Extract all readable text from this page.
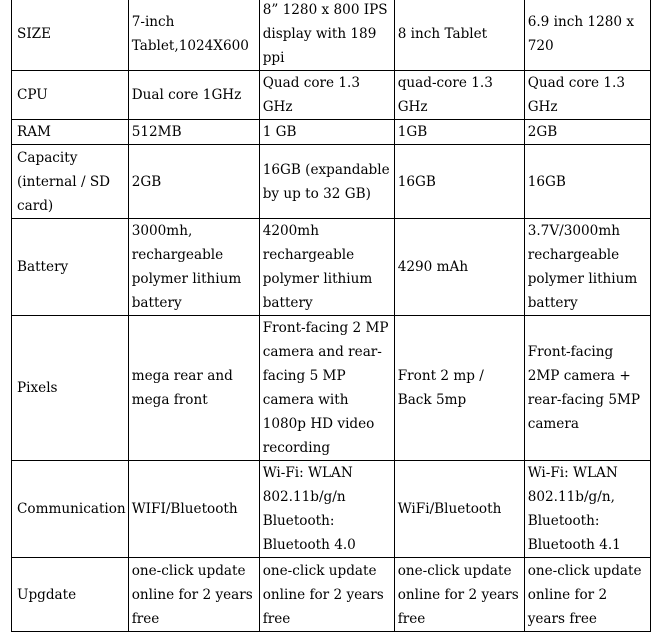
SIZE	7-inch Tablet,1024X600	8” 1280 x 800 IPS display with 189 ppi	8 inch Tablet	6.9 inch 1280 x 720
CPU	Dual core 1GHz	Quad core 1.3 GHz	quad-core 1.3 GHz	Quad core 1.3 GHz
RAM	512MB	1 GB	1GB	2GB
Capacity (internal / SD card)	2GB	16GB (expandable by up to 32 GB)	16GB	16GB
Battery	3000mh, rechargeable polymer lithium battery	4200mh rechargeable polymer lithium battery	4290 mAh	3.7V/3000mh rechargeable polymer lithium battery
Pixels	mega rear and mega front	Front-facing 2 MP camera and rear-facing 5 MP camera with 1080p HD video recording	Front 2 mp / Back 5mp	Front-facing 2MP camera + rear-facing 5MP camera
Communication	WIFI/Bluetooth	Wi-Fi: WLAN 802.11b/g/n Bluetooth: Bluetooth 4.0	WiFi/Bluetooth	Wi-Fi: WLAN 802.11b/g/n, Bluetooth: Bluetooth 4.1
Upgdate	one-click update online for 2 years free	one-click update online for 2 years free	one-click update online for 2 years free	one-click update online for 2 years free
